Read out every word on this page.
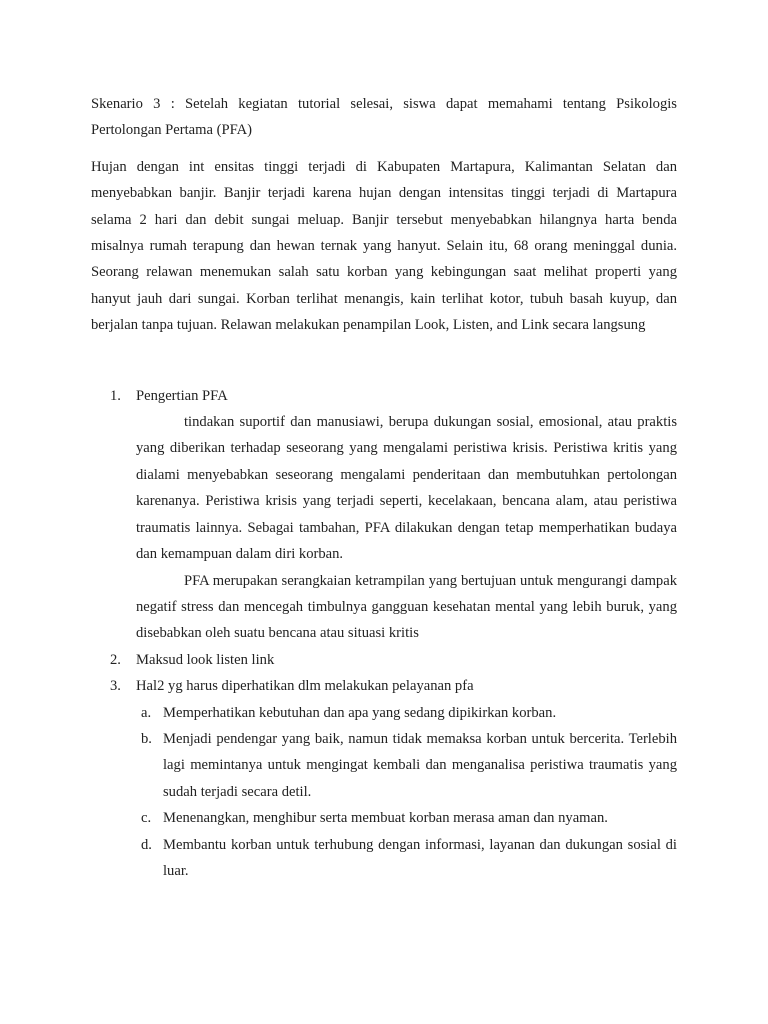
Skenario 3 : Setelah kegiatan tutorial selesai, siswa dapat memahami tentang Psikologis Pertolongan Pertama (PFA)

Hujan dengan int ensitas tinggi terjadi di Kabupaten Martapura, Kalimantan Selatan dan menyebabkan banjir. Banjir terjadi karena hujan dengan intensitas tinggi terjadi di Martapura selama 2 hari dan debit sungai meluap. Banjir tersebut menyebabkan hilangnya harta benda misalnya rumah terapung dan hewan ternak yang hanyut. Selain itu, 68 orang meninggal dunia. Seorang relawan menemukan salah satu korban yang kebingungan saat melihat properti yang hanyut jauh dari sungai. Korban terlihat menangis, kain terlihat kotor, tubuh basah kuyup, dan berjalan tanpa tujuan. Relawan melakukan penampilan Look, Listen, and Link secara langsung

1. Pengertian PFA

tindakan suportif dan manusiawi, berupa dukungan sosial, emosional, atau praktis yang diberikan terhadap seseorang yang mengalami peristiwa krisis. Peristiwa kritis yang dialami menyebabkan seseorang mengalami penderitaan dan membutuhkan pertolongan karenanya. Peristiwa krisis yang terjadi seperti, kecelakaan, bencana alam, atau peristiwa traumatis lainnya. Sebagai tambahan, PFA dilakukan dengan tetap memperhatikan budaya dan kemampuan dalam diri korban.

PFA merupakan serangkaian ketrampilan yang bertujuan untuk mengurangi dampak negatif stress dan mencegah timbulnya gangguan kesehatan mental yang lebih buruk, yang disebabkan oleh suatu bencana atau situasi kritis

2. Maksud look listen link
3. Hal2 yg harus diperhatikan dlm melakukan pelayanan pfa
a. Memperhatikan kebutuhan dan apa yang sedang dipikirkan korban.
b. Menjadi pendengar yang baik, namun tidak memaksa korban untuk bercerita. Terlebih lagi memintanya untuk mengingat kembali dan menganalisa peristiwa traumatis yang sudah terjadi secara detil.
c. Menenangkan, menghibur serta membuat korban merasa aman dan nyaman.
d. Membantu korban untuk terhubung dengan informasi, layanan dan dukungan sosial di luar.
